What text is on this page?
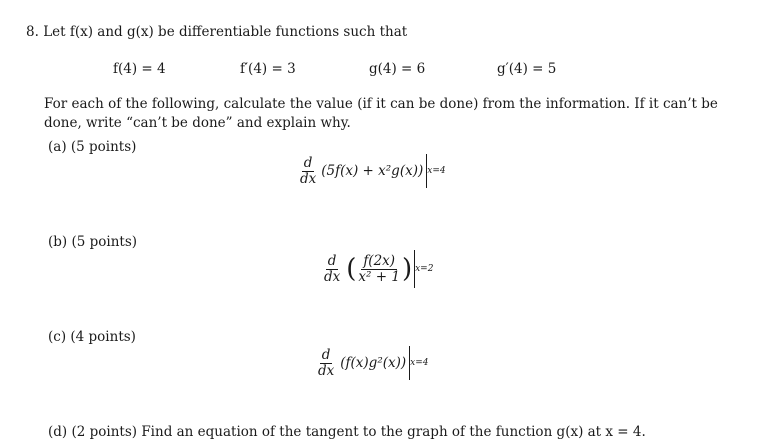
8. Let f(x) and g(x) be differentiable functions such that
f(4) = 4	f′(4) = 3	g(4) = 6	g′(4) = 5
For each of the following, calculate the value (if it can be done) from the information. If it can’t be
done, write “can’t be done” and explain why.
(a) (5 points)
$\frac{d}{dx} (5f(x) + x^2g(x))$ x=4
(b) (5 points)
$\frac{d}{dx}$ ( $\frac{f(2x)}{\text{x² + 1}}$ ) x=2
(c) (4 points)
$\frac{d}{dx} (f(x)g^2(x))$ x=4
(d) (2 points) Find an equation of the tangent to the graph of the function g(x) at x = 4.
